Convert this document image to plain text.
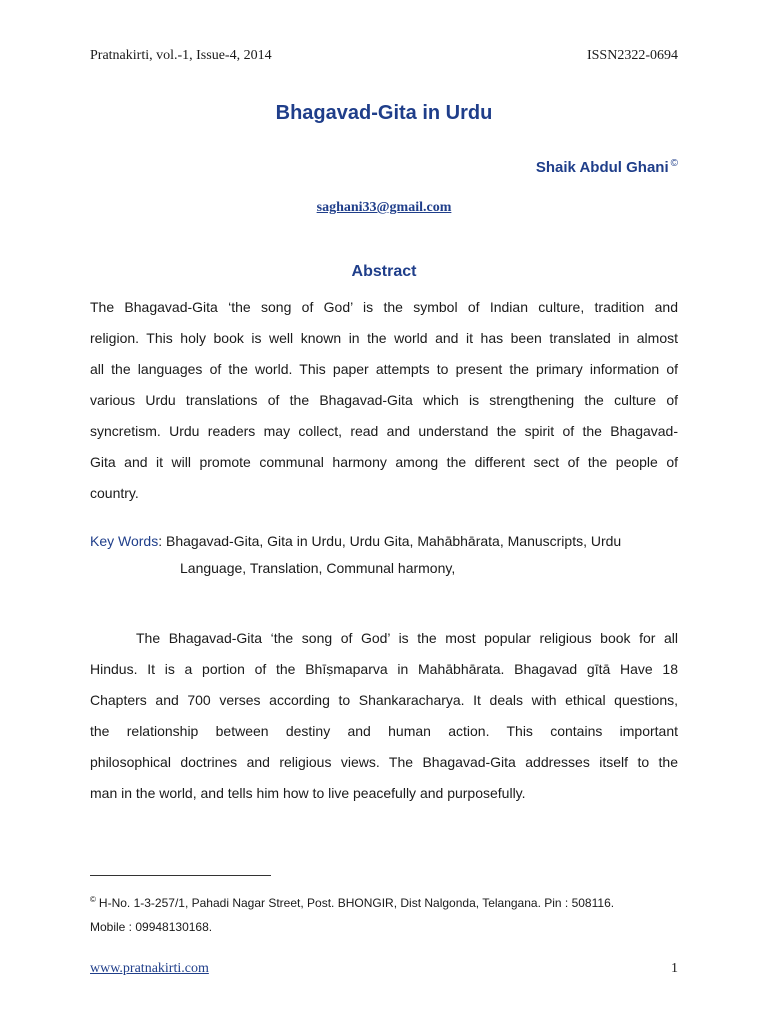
Pratnakirti, vol.-1, Issue-4, 2014	ISSN2322-0694
Bhagavad-Gita in Urdu
Shaik Abdul Ghani ©
saghani33@gmail.com
Abstract
The Bhagavad-Gita ‘the song of God’ is the symbol of Indian culture, tradition and
religion. This holy book is well known in the world and it has been translated in almost
all the languages of the world. This paper attempts to present the primary information of
various Urdu translations of the Bhagavad-Gita which is strengthening the culture of
syncretism. Urdu readers may collect, read and understand the spirit of the Bhagavad-
Gita and it will promote communal harmony among the different sect of the people of
country.
Key Words: Bhagavad-Gita, Gita in Urdu, Urdu Gita, Mahābhārata, Manuscripts, Urdu
Language, Translation, Communal harmony,
The Bhagavad-Gita ‘the song of God’ is the most popular religious book for all
Hindus. It is a portion of the Bhīṣmaparva in Mahābhārata. Bhagavad gītā Have 18
Chapters and 700 verses according to Shankaracharya. It deals with ethical questions,
the relationship between destiny and human action. This contains important
philosophical doctrines and religious views. The Bhagavad-Gita addresses itself to the
man in the world, and tells him how to live peacefully and purposefully.
© H-No. 1-3-257/1, Pahadi Nagar Street, Post. BHONGIR, Dist Nalgonda, Telangana. Pin : 508116.
Mobile : 09948130168.
www.pratnakirti.com	1
